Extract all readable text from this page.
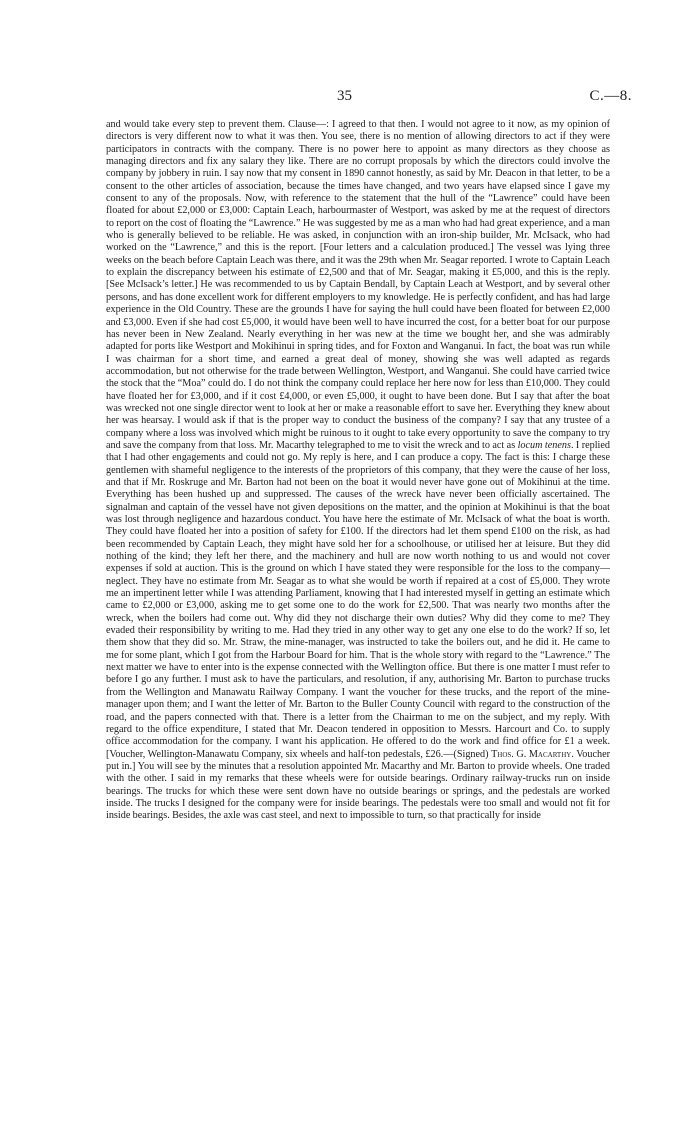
35	C.—8.

and would take every step to prevent them. Clause—: I agreed to that then. I would not agree to it now, as my opinion of directors is very different now to what it was then. You see, there is no mention of allowing directors to act if they were participators in contracts with the company. There is no power here to appoint as many directors as they choose as managing directors and fix any salary they like. There are no corrupt proposals by which the directors could involve the company by jobbery in ruin. I say now that my consent in 1890 cannot honestly, as said by Mr. Deacon in that letter, to be a consent to the other articles of association, because the times have changed, and two years have elapsed since I gave my consent to any of the proposals. Now, with reference to the statement that the hull of the “Lawrence” could have been floated for about £2,000 or £3,000: Captain Leach, harbourmaster of Westport, was asked by me at the request of directors to report on the cost of floating the “Lawrence.” He was suggested by me as a man who had had great experience, and a man who is generally believed to be reliable. He was asked, in conjunction with an iron-ship builder, Mr. McIsack, who had worked on the “Lawrence,” and this is the report. [Four letters and a calculation produced.] The vessel was lying three weeks on the beach before Captain Leach was there, and it was the 29th when Mr. Seagar reported. I wrote to Captain Leach to explain the discrepancy between his estimate of £2,500 and that of Mr. Seagar, making it £5,000, and this is the reply. [See McIsack’s letter.] He was recommended to us by Captain Bendall, by Captain Leach at Westport, and by several other persons, and has done excellent work for different employers to my knowledge. He is perfectly confident, and has had large experience in the Old Country. These are the grounds I have for saying the hull could have been floated for between £2,000 and £3,000. Even if she had cost £5,000, it would have been well to have incurred the cost, for a better boat for our purpose has never been in New Zealand. Nearly everything in her was new at the time we bought her, and she was admirably adapted for ports like Westport and Mokihinui in spring tides, and for Foxton and Wanganui. In fact, the boat was run while I was chairman for a short time, and earned a great deal of money, showing she was well adapted as regards accommodation, but not otherwise for the trade between Wellington, Westport, and Wanganui. She could have carried twice the stock that the “Moa” could do. I do not think the company could replace her here now for less than £10,000. They could have floated her for £3,000, and if it cost £4,000, or even £5,000, it ought to have been done. But I say that after the boat was wrecked not one single director went to look at her or make a reasonable effort to save her. Everything they knew about her was hearsay. I would ask if that is the proper way to conduct the business of the company? I say that any trustee of a company where a loss was involved which might be ruinous to it ought to take every opportunity to save the company to try and save the company from that loss. Mr. Macarthy telegraphed to me to visit the wreck and to act as locum tenens. I replied that I had other engagements and could not go. My reply is here, and I can produce a copy. The fact is this: I charge these gentlemen with shameful negligence to the interests of the proprietors of this company, that they were the cause of her loss, and that if Mr. Roskruge and Mr. Barton had not been on the boat it would never have gone out of Mokihinui at the time. Everything has been hushed up and suppressed. The causes of the wreck have never been officially ascertained. The signalman and captain of the vessel have not given depositions on the matter, and the opinion at Mokihinui is that the boat was lost through negligence and hazardous conduct. You have here the estimate of Mr. McIsack of what the boat is worth. They could have floated her into a position of safety for £100. If the directors had let them spend £100 on the risk, as had been recommended by Captain Leach, they might have sold her for a schoolhouse, or utilised her at leisure. But they did nothing of the kind; they left her there, and the machinery and hull are now worth nothing to us and would not cover expenses if sold at auction. This is the ground on which I have stated they were responsible for the loss to the company—neglect. They have no estimate from Mr. Seagar as to what she would be worth if repaired at a cost of £5,000. They wrote me an impertinent letter while I was attending Parliament, knowing that I had interested myself in getting an estimate which came to £2,000 or £3,000, asking me to get some one to do the work for £2,500. That was nearly two months after the wreck, when the boilers had come out. Why did they not discharge their own duties? Why did they come to me? They evaded their responsibility by writing to me. Had they tried in any other way to get any one else to do the work? If so, let them show that they did so. Mr. Straw, the mine-manager, was instructed to take the boilers out, and he did it. He came to me for some plant, which I got from the Harbour Board for him. That is the whole story with regard to the “Lawrence.” The next matter we have to enter into is the expense connected with the Wellington office. But there is one matter I must refer to before I go any further. I must ask to have the particulars, and resolution, if any, authorising Mr. Barton to purchase trucks from the Wellington and Manawatu Railway Company. I want the voucher for these trucks, and the report of the mine-manager upon them; and I want the letter of Mr. Barton to the Buller County Council with regard to the construction of the road, and the papers connected with that. There is a letter from the Chairman to me on the subject, and my reply. With regard to the office expenditure, I stated that Mr. Deacon tendered in opposition to Messrs. Harcourt and Co. to supply office accommodation for the company. I want his application. He offered to do the work and find office for £1 a week. [Voucher, Wellington-Manawatu Company, six wheels and half-ton pedestals, £26.—(Signed) Thos. G. Macarthy. Voucher put in.] You will see by the minutes that a resolution appointed Mr. Macarthy and Mr. Barton to provide wheels. One traded with the other. I said in my remarks that these wheels were for outside bearings. Ordinary railway-trucks run on inside bearings. The trucks for which these were sent down have no outside bearings or springs, and the pedestals are worked inside. The trucks I designed for the company were for inside bearings. The pedestals were too small and would not fit for inside bearings. Besides, the axle was cast steel, and next to impossible to turn, so that practically for inside
